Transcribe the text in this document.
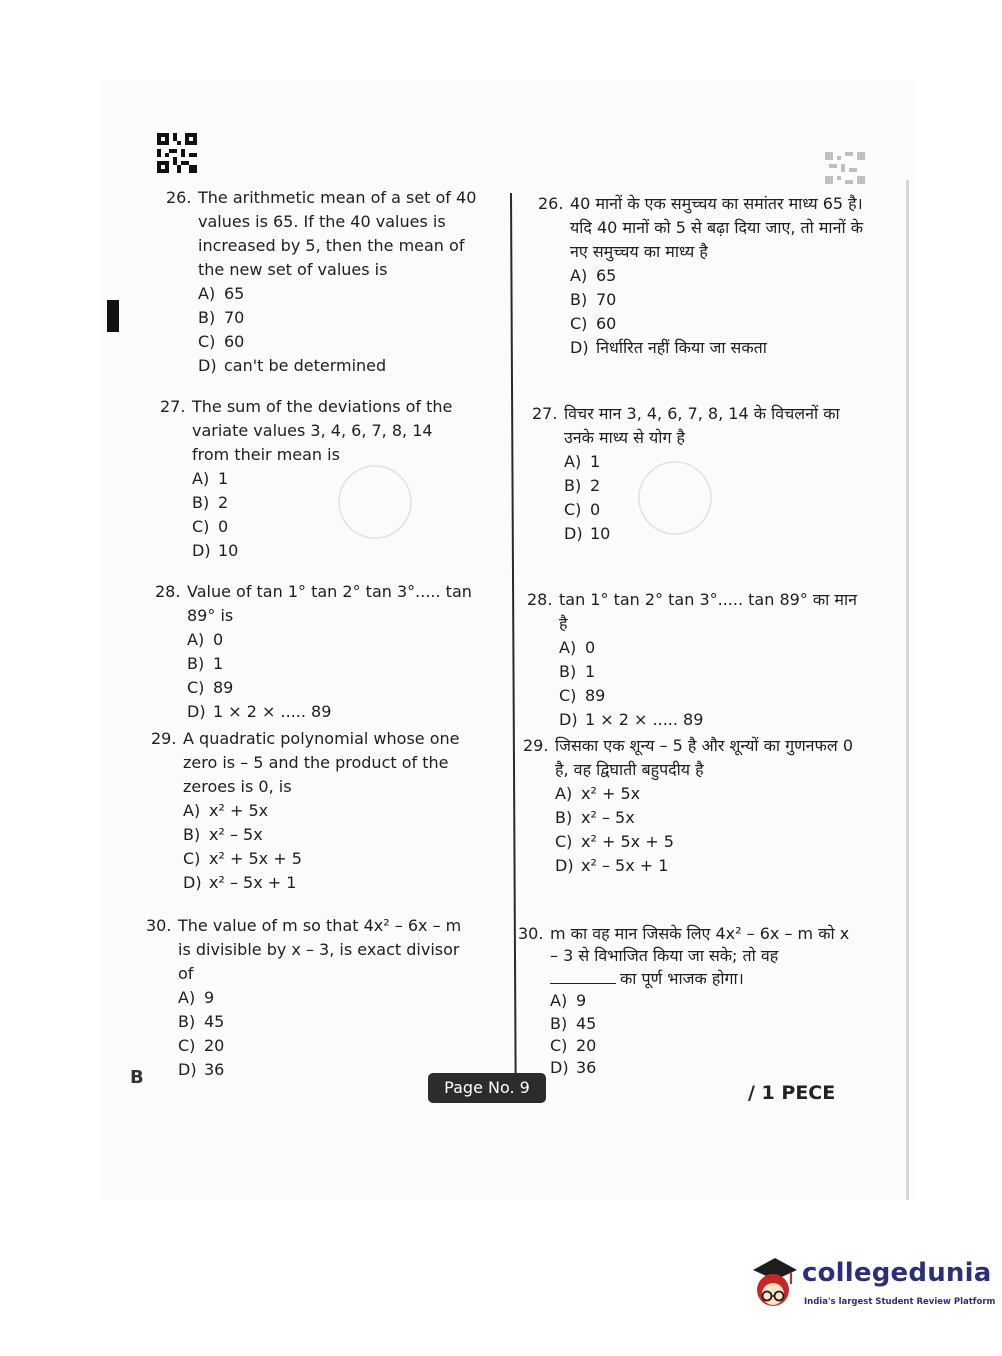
26. The arithmetic mean of a set of 40 values is 65. If the 40 values is increased by 5, then the mean of the new set of values is
A) 65
B) 70
C) 60
D) can't be determined
27. The sum of the deviations of the variate values 3, 4, 6, 7, 8, 14 from their mean is
A) 1
B) 2
C) 0
D) 10
28. Value of tan 1° tan 2° tan 3°..... tan 89° is
A) 0
B) 1
C) 89
D) 1 × 2 × ..... 89
29. A quadratic polynomial whose one zero is – 5 and the product of the zeroes is 0, is
A) x² + 5x
B) x² – 5x
C) x² + 5x + 5
D) x² – 5x + 1
30. The value of m so that 4x² – 6x – m is divisible by x – 3, is exact divisor of
A) 9
B) 45
C) 20
D) 36
26. 40 मानों के एक समुच्चय का समांतर माध्य 65 है। यदि 40 मानों को 5 से बढ़ा दिया जाए, तो मानों के नए समुच्चय का माध्य है
A) 65
B) 70
C) 60
D) निर्धारित नहीं किया जा सकता
27. विचर मान 3, 4, 6, 7, 8, 14 के विचलनों का उनके माध्य से योग है
A) 1
B) 2
C) 0
D) 10
28. tan 1° tan 2° tan 3°..... tan 89° का मान है
A) 0
B) 1
C) 89
D) 1 × 2 × ..... 89
29. जिसका एक शून्य – 5 है और शून्यों का गुणनफल 0 है, वह द्विघाती बहुपदीय है
A) x² + 5x
B) x² – 5x
C) x² + 5x + 5
D) x² – 5x + 1
30. m का वह मान जिसके लिए 4x² – 6x – m को x – 3 से विभाजित किया जा सके; तो वह
का पूर्ण भाजक होगा।
A) 9
B) 45
C) 20
D) 36
B	Page No. 9	/ 1 PECE
collegedunia
India's largest Student Review Platform
